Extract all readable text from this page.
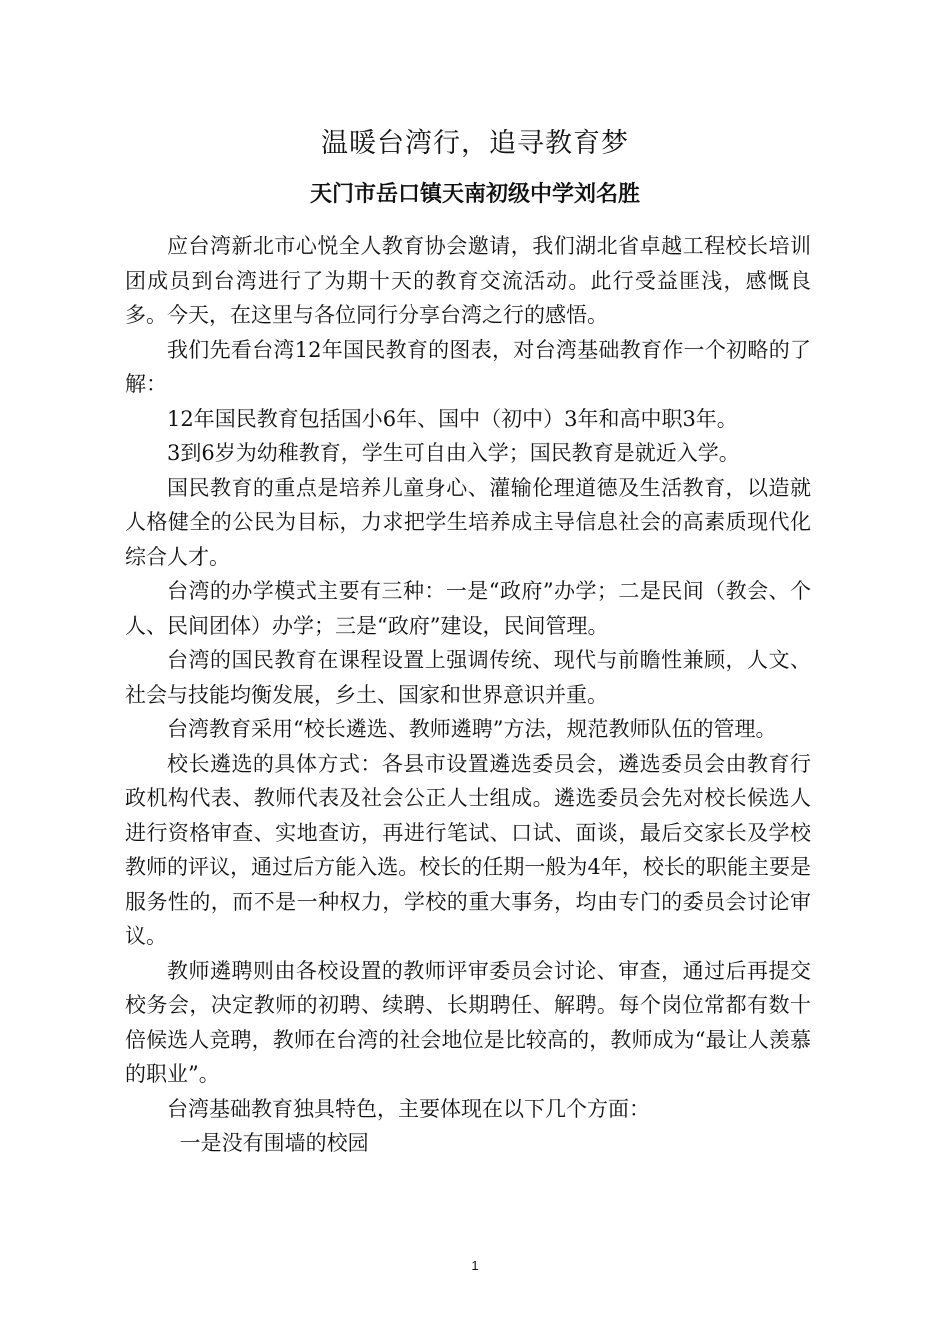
温暖台湾行，追寻教育梦
天门市岳口镇天南初级中学刘名胜

应台湾新北市心悦全人教育协会邀请，我们湖北省卓越工程校长培训团成员到台湾进行了为期十天的教育交流活动。此行受益匪浅，感慨良多。今天，在这里与各位同行分享台湾之行的感悟。

我们先看台湾12年国民教育的图表，对台湾基础教育作一个初略的了解：

12年国民教育包括国小6年、国中（初中）3年和高中职3年。

3到6岁为幼稚教育，学生可自由入学；国民教育是就近入学。

国民教育的重点是培养儿童身心、灌输伦理道德及生活教育，以造就人格健全的公民为目标，力求把学生培养成主导信息社会的高素质现代化综合人才。

台湾的办学模式主要有三种：一是“政府”办学；二是民间（教会、个人、民间团体）办学；三是“政府”建设，民间管理。

台湾的国民教育在课程设置上强调传统、现代与前瞻性兼顾，人文、社会与技能均衡发展，乡土、国家和世界意识并重。

台湾教育采用“校长遴选、教师遴聘”方法，规范教师队伍的管理。

校长遴选的具体方式：各县市设置遴选委员会，遴选委员会由教育行政机构代表、教师代表及社会公正人士组成。遴选委员会先对校长候选人进行资格审查、实地查访，再进行笔试、口试、面谈，最后交家长及学校教师的评议，通过后方能入选。校长的任期一般为4年，校长的职能主要是服务性的，而不是一种权力，学校的重大事务，均由专门的委员会讨论审议。

教师遴聘则由各校设置的教师评审委员会讨论、审查，通过后再提交校务会，决定教师的初聘、续聘、长期聘任、解聘。每个岗位常都有数十倍候选人竞聘，教师在台湾的社会地位是比较高的，教师成为“最让人羡慕的职业”。

台湾基础教育独具特色，主要体现在以下几个方面：

一是没有围墙的校园

1
